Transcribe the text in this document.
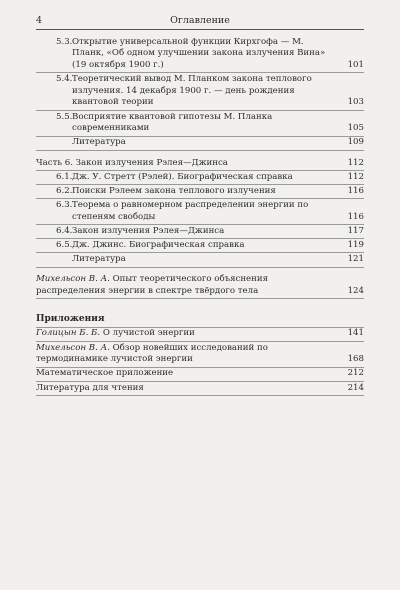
4	Оглавление
5.3.Открытие универсальной функции Кирхгофа — М. Планк, «Об одном улучшении закона излучения Вина» (19 октября 1900 г.)	101
5.4.Теоретический вывод М. Планком закона теплового излучения. 14 декабря 1900 г. — день рождения квантовой теории	103
5.5.Восприятие квантовой гипотезы М. Планка современниками	105
Литература	109
Часть 6. Закон излучения Рэлея—Джинса	112
6.1.Дж. У. Стретт (Рэлей). Биографическая справка	112
6.2.Поиски Рэлеем закона теплового излучения	116
6.3.Теорема о равномерном распределении энергии по степеням свободы	116
6.4.Закон излучения Рэлея—Джинса	117
6.5.Дж. Джинс. Биографическая справка	119
Литература	121
Михельсон В. А. Опыт теоретического объяснения распределения энергии в спектре твёрдого тела	124
Приложения
Голицын Б. Б. О лучистой энергии	141
Михельсон В. А. Обзор новейших исследований по термодинамике лучистой энергии	168
Математическое приложение	212
Литература для чтения	214
